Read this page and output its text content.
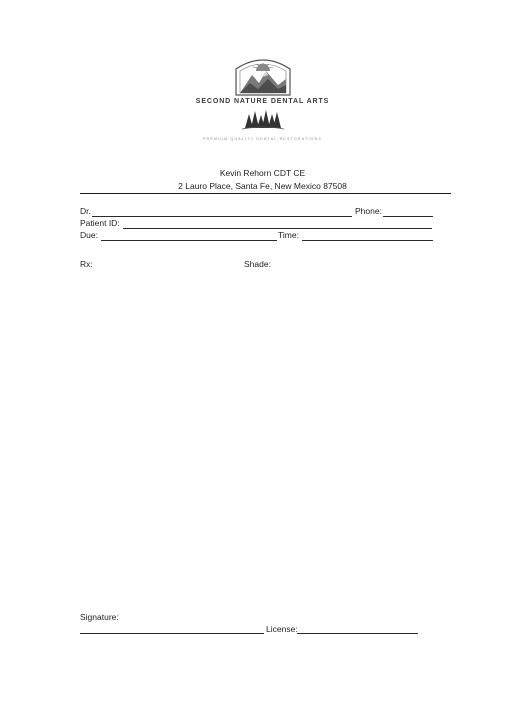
SECOND NATURE DENTAL ARTS
PREMIUM QUALITY DENTAL RESTORATIONS
Kevin Rehorn CDT CE
2 Lauro Place, Santa Fe, New Mexico 87508
Dr.	Phone:
Patient ID:
Due:	Time:
Rx:	Shade:
Signature:
License:
